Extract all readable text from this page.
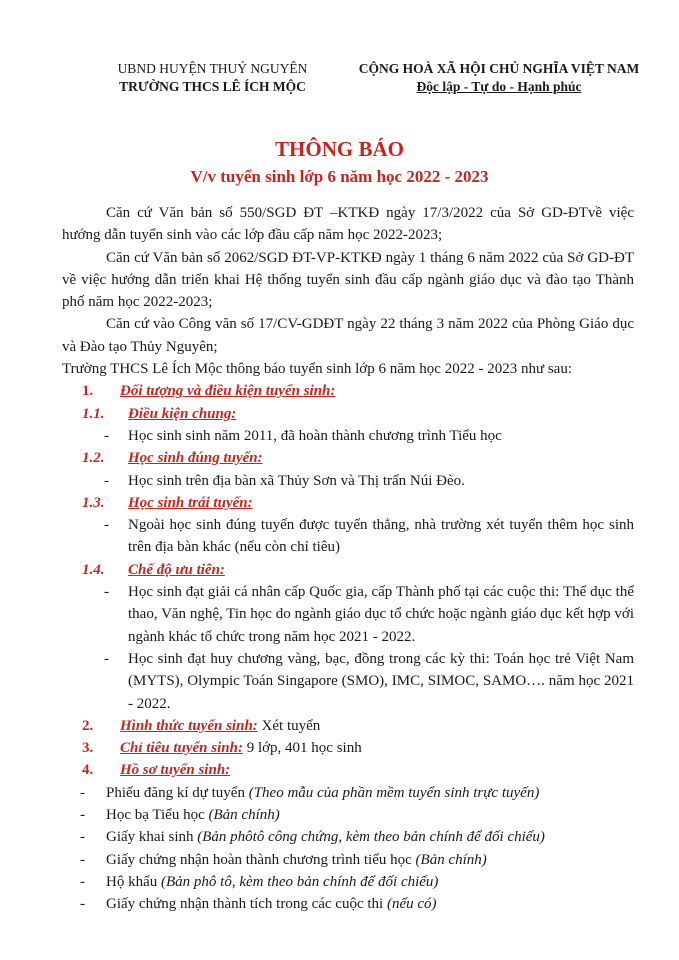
UBND HUYỆN THUỶ NGUYÊN
TRƯỜNG THCS LÊ ÍCH MỘC
CỘNG HOÀ XÃ HỘI CHỦ NGHĨA VIỆT NAM
Độc lập - Tự do - Hạnh phúc
THÔNG BÁO
V/v tuyển sinh lớp 6 năm học 2022 - 2023

Căn cứ Văn bản số 550/SGD ĐT –KTKĐ ngày 17/3/2022 của Sở GD-ĐTvề việc hướng dẫn tuyển sinh vào các lớp đầu cấp năm học 2022-2023;

Căn cứ Văn bản số 2062/SGD ĐT-VP-KTKĐ ngày 1 tháng 6 năm 2022 của Sở GD-ĐT về việc hướng dẫn triển khai Hệ thống tuyển sinh đầu cấp ngành giáo dục và đào tạo Thành phố năm học 2022-2023;

Căn cứ vào Công văn số 17/CV-GDĐT ngày 22 tháng 3 năm 2022 của Phòng Giáo dục và Đào tạo Thủy Nguyên;

Trường THCS Lê Ích Mộc thông báo tuyển sinh lớp 6 năm học 2022 - 2023 như sau:

1. Đối tượng và điều kiện tuyển sinh:

1.1. Điều kiện chung:

- Học sinh sinh năm 2011, đã hoàn thành chương trình Tiểu học

1.2. Học sinh đúng tuyến:

- Học sinh trên địa bàn xã Thủy Sơn và Thị trấn Núi Đèo.

1.3. Học sinh trái tuyến:

- Ngoài học sinh đúng tuyến được tuyển thẳng, nhà trường xét tuyển thêm học sinh trên địa bàn khác (nếu còn chỉ tiêu)

1.4. Chế độ ưu tiên:

- Học sinh đạt giải cá nhân cấp Quốc gia, cấp Thành phố tại các cuộc thi: Thể dục thể thao, Văn nghệ, Tin học do ngành giáo dục tổ chức hoặc ngành giáo dục kết hợp với ngành khác tổ chức trong năm học 2021 - 2022.

- Học sinh đạt huy chương vàng, bạc, đồng trong các kỳ thi: Toán học trẻ Việt Nam (MYTS), Olympic Toán Singapore (SMO), IMC, SIMOC, SAMO…. năm học 2021 - 2022.

2. Hình thức tuyển sinh: Xét tuyển

3. Chỉ tiêu tuyển sinh: 9 lớp, 401 học sinh

4. Hồ sơ tuyển sinh:

- Phiếu đăng kí dự tuyển (Theo mẫu của phần mềm tuyển sinh trực tuyến)

- Học bạ Tiểu học (Bản chính)

- Giấy khai sinh (Bản phôtô công chứng, kèm theo bản chính để đối chiếu)

- Giấy chứng nhận hoàn thành chương trình tiểu học (Bản chính)

- Hộ khẩu (Bản phô tô, kèm theo bản chính để đối chiếu)

- Giấy chứng nhận thành tích trong các cuộc thi (nếu có)
